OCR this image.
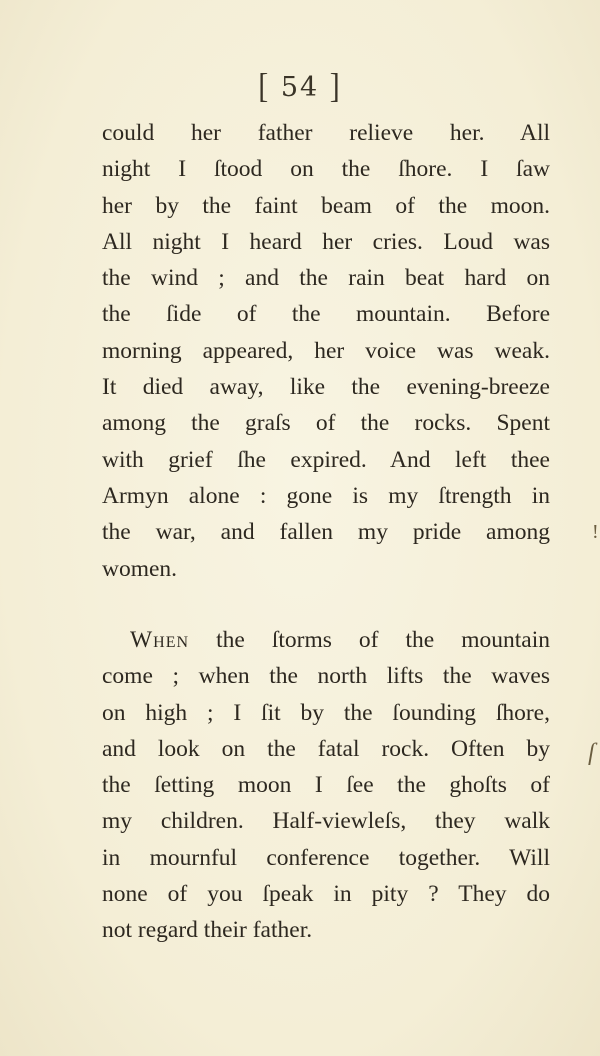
[ 54 ]
could her father relieve her. All
night I ſtood on the ſhore. I ſaw
her by the faint beam of the moon.
All night I heard her cries. Loud was
the wind ; and the rain beat hard on
the ſide of the mountain. Before
morning appeared, her voice was weak.
It died away, like the evening-breeze
among the graſs of the rocks. Spent
with grief ſhe expired. And left thee
Armyn alone : gone is my ſtrength in
the war, and fallen my pride among
women.
When the ſtorms of the mountain
come ; when the north lifts the waves
on high ; I ſit by the ſounding ſhore,
and look on the fatal rock. Often by
the ſetting moon I ſee the ghoſts of
my children. Half-viewleſs, they walk
in mournful conference together. Will
none of you ſpeak in pity ? They do
not regard their father.
!
ſ
